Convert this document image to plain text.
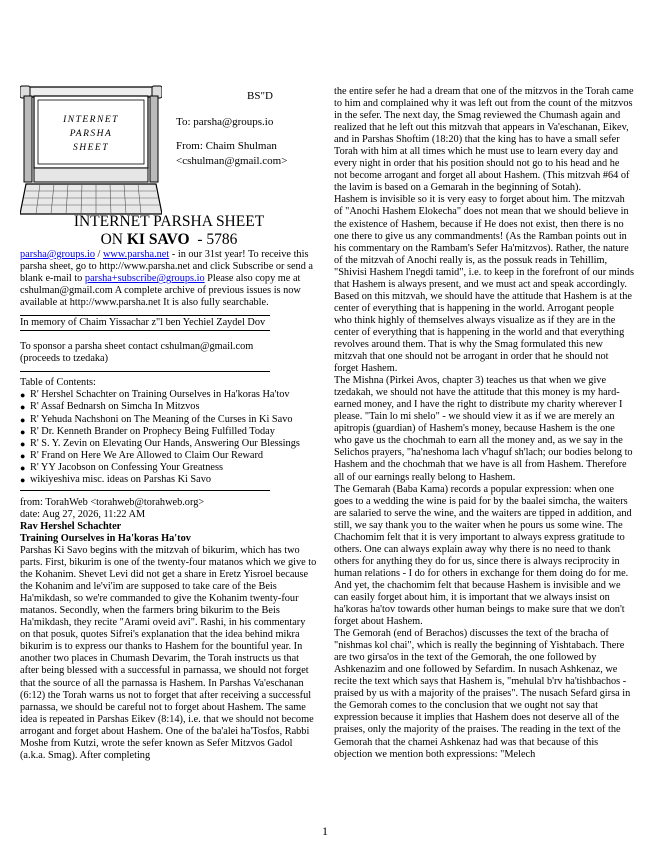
INTERNET
PARSHA
SHEET
BS"D
To: parsha@groups.io
From: Chaim Shulman
<cshulman@gmail.com>
INTERNET PARSHA SHEET
ON KI SAVO  - 5786

parsha@groups.io / www.parsha.net - in our 31st year! To receive this parsha sheet, go to http://www.parsha.net and click Subscribe or send a blank e-mail to parsha+subscribe@groups.io Please also copy me at cshulman@gmail.com A complete archive of previous issues is now available at http://www.parsha.net It is also fully searchable.

In memory of Chaim Yissachar z"l ben Yechiel Zaydel Dov

To sponsor a parsha sheet contact cshulman@gmail.com

(proceeds to tzedaka)

Table of Contents:

● R' Hershel Schachter on Training Ourselves in Ha'koras Ha'tov
● R' Assaf Bednarsh on Simcha In Mitzvos
● R' Yehuda Nachshoni on The Meaning of the Curses in Ki Savo
● R' Dr. Kenneth Brander on Prophecy Being Fulfilled Today
● R' S. Y. Zevin on Elevating Our Hands, Answering Our Blessings
● R' Frand on Here We Are Allowed to Claim Our Reward
● R' YY Jacobson on Confessing Your Greatness
● wikiyeshiva misc. ideas on Parshas Ki Savo

from: TorahWeb <torahweb@torahweb.org>

date: Aug 27, 2026, 11:22 AM

Rav Hershel Schachter

Training Ourselves in Ha'koras Ha'tov

Parshas Ki Savo begins with the mitzvah of bikurim, which has two parts. First, bikurim is one of the twenty-four matanos which we give to the Kohanim. Shevet Levi did not get a share in Eretz Yisroel because the Kohanim and le'vi'im are supposed to take care of the Beis Ha'mikdash, so we're commanded to give the Kohanim twenty-four matanos. Secondly, when the farmers bring bikurim to the Beis Ha'mikdash, they recite "Arami oveid avi". Rashi, in his commentary on that posuk, quotes Sifrei's explanation that the idea behind mikra bikurim is to express our thanks to Hashem for the bountiful year. In another two places in Chumash Devarim, the Torah instructs us that after being blessed with a successful in parnassa, we should not forget that the source of all the parnassa is Hashem. In Parshas Va'eschanan (6:12) the Torah warns us not to forget that after receiving a successful parnassa, we should be careful not to forget about Hashem. The same idea is repeated in Parshas Eikev (8:14), i.e. that we should not become arrogant and forget about Hashem. One of the ba'alei ha'Tosfos, Rabbi Moshe from Kutzi, wrote the sefer known as Sefer Mitzvos Gadol (a.k.a. Smag). After completing

the entire sefer he had a dream that one of the mitzvos in the Torah came to him and complained why it was left out from the count of the mitzvos in the sefer. The next day, the Smag reviewed the Chumash again and realized that he left out this mitzvah that appears in Va'eschanan, Eikev, and in Parshas Shoftim (18:20) that the king has to have a small sefer Torah with him at all times which he must use to learn every day and every night in order that his position should not go to his head and he not become arrogant and forget all about Hashem. (This mitzvah #64 of the lavim is based on a Gemarah in the beginning of Sotah).

Hashem is invisible so it is very easy to forget about him. The mitzvah of "Anochi Hashem Elokecha" does not mean that we should believe in the existence of Hashem, because if He does not exist, then there is no one there to give us any commandments! (As the Ramban points out in his commentary on the Rambam's Sefer Ha'mitzvos). Rather, the nature of the mitzvah of Anochi really is, as the possuk reads in Tehillim, "Shivisi Hashem l'negdi tamid", i.e. to keep in the forefront of our minds that Hashem is always present, and we must act and speak accordingly. Based on this mitzvah, we should have the attitude that Hashem is at the center of everything that is happening in the world. Arrogant people who think highly of themselves always visualize as if they are in the center of everything that is happening in the world and that everything revolves around them. That is why the Smag formulated this new mitzvah that one should not be arrogant in order that he should not forget Hashem.

The Mishna (Pirkei Avos, chapter 3) teaches us that when we give tzedakah, we should not have the attitude that this money is my hard-earned money, and I have the right to distribute my charity wherever I please. "Tain lo mi shelo" - we should view it as if we are merely an apitropis (guardian) of Hashem's money, because Hashem is the one who gave us the chochmah to earn all the money and, as we say in the Selichos prayers, "ha'neshoma lach v'haguf sh'lach; our bodies belong to Hashem and the chochmah that we have is all from Hashem. Therefore all of our earnings really belong to Hashem.

The Gemarah (Baba Kama) records a popular expression: when one goes to a wedding the wine is paid for by the baalei simcha, the waiters are salaried to serve the wine, and the waiters are tipped in addition, and still, we say thank you to the waiter when he pours us some wine. The Chachomim felt that it is very important to always express gratitude to others. One can always explain away why there is no need to thank others for anything they do for us, since there is always reciprocity in human relations - I do for others in exchange for them doing do for me. And yet, the chachomim felt that because Hashem is invisible and we can easily forget about him, it is important that we always insist on ha'koras ha'tov towards other human beings to make sure that we don't forget about Hashem.

The Gemorah (end of Berachos) discusses the text of the bracha of "nishmas kol chai", which is really the beginning of Yishtabach. There are two girsa'os in the text of the Gemorah, the one followed by Ashkenazim and one followed by Sefardim. In nusach Ashkenaz, we recite the text which says that Hashem is, "mehulal b'rv ha'tishbachos - praised by us with a majority of the praises". The nusach Sefard girsa in the Gemorah comes to the conclusion that we ought not say that expression because it implies that Hashem does not deserve all of the praises, only the majority of the praises. The reading in the text of the Gemorah that the chamei Ashkenaz had was that because of this objection we mention both expressions: "Melech

1
